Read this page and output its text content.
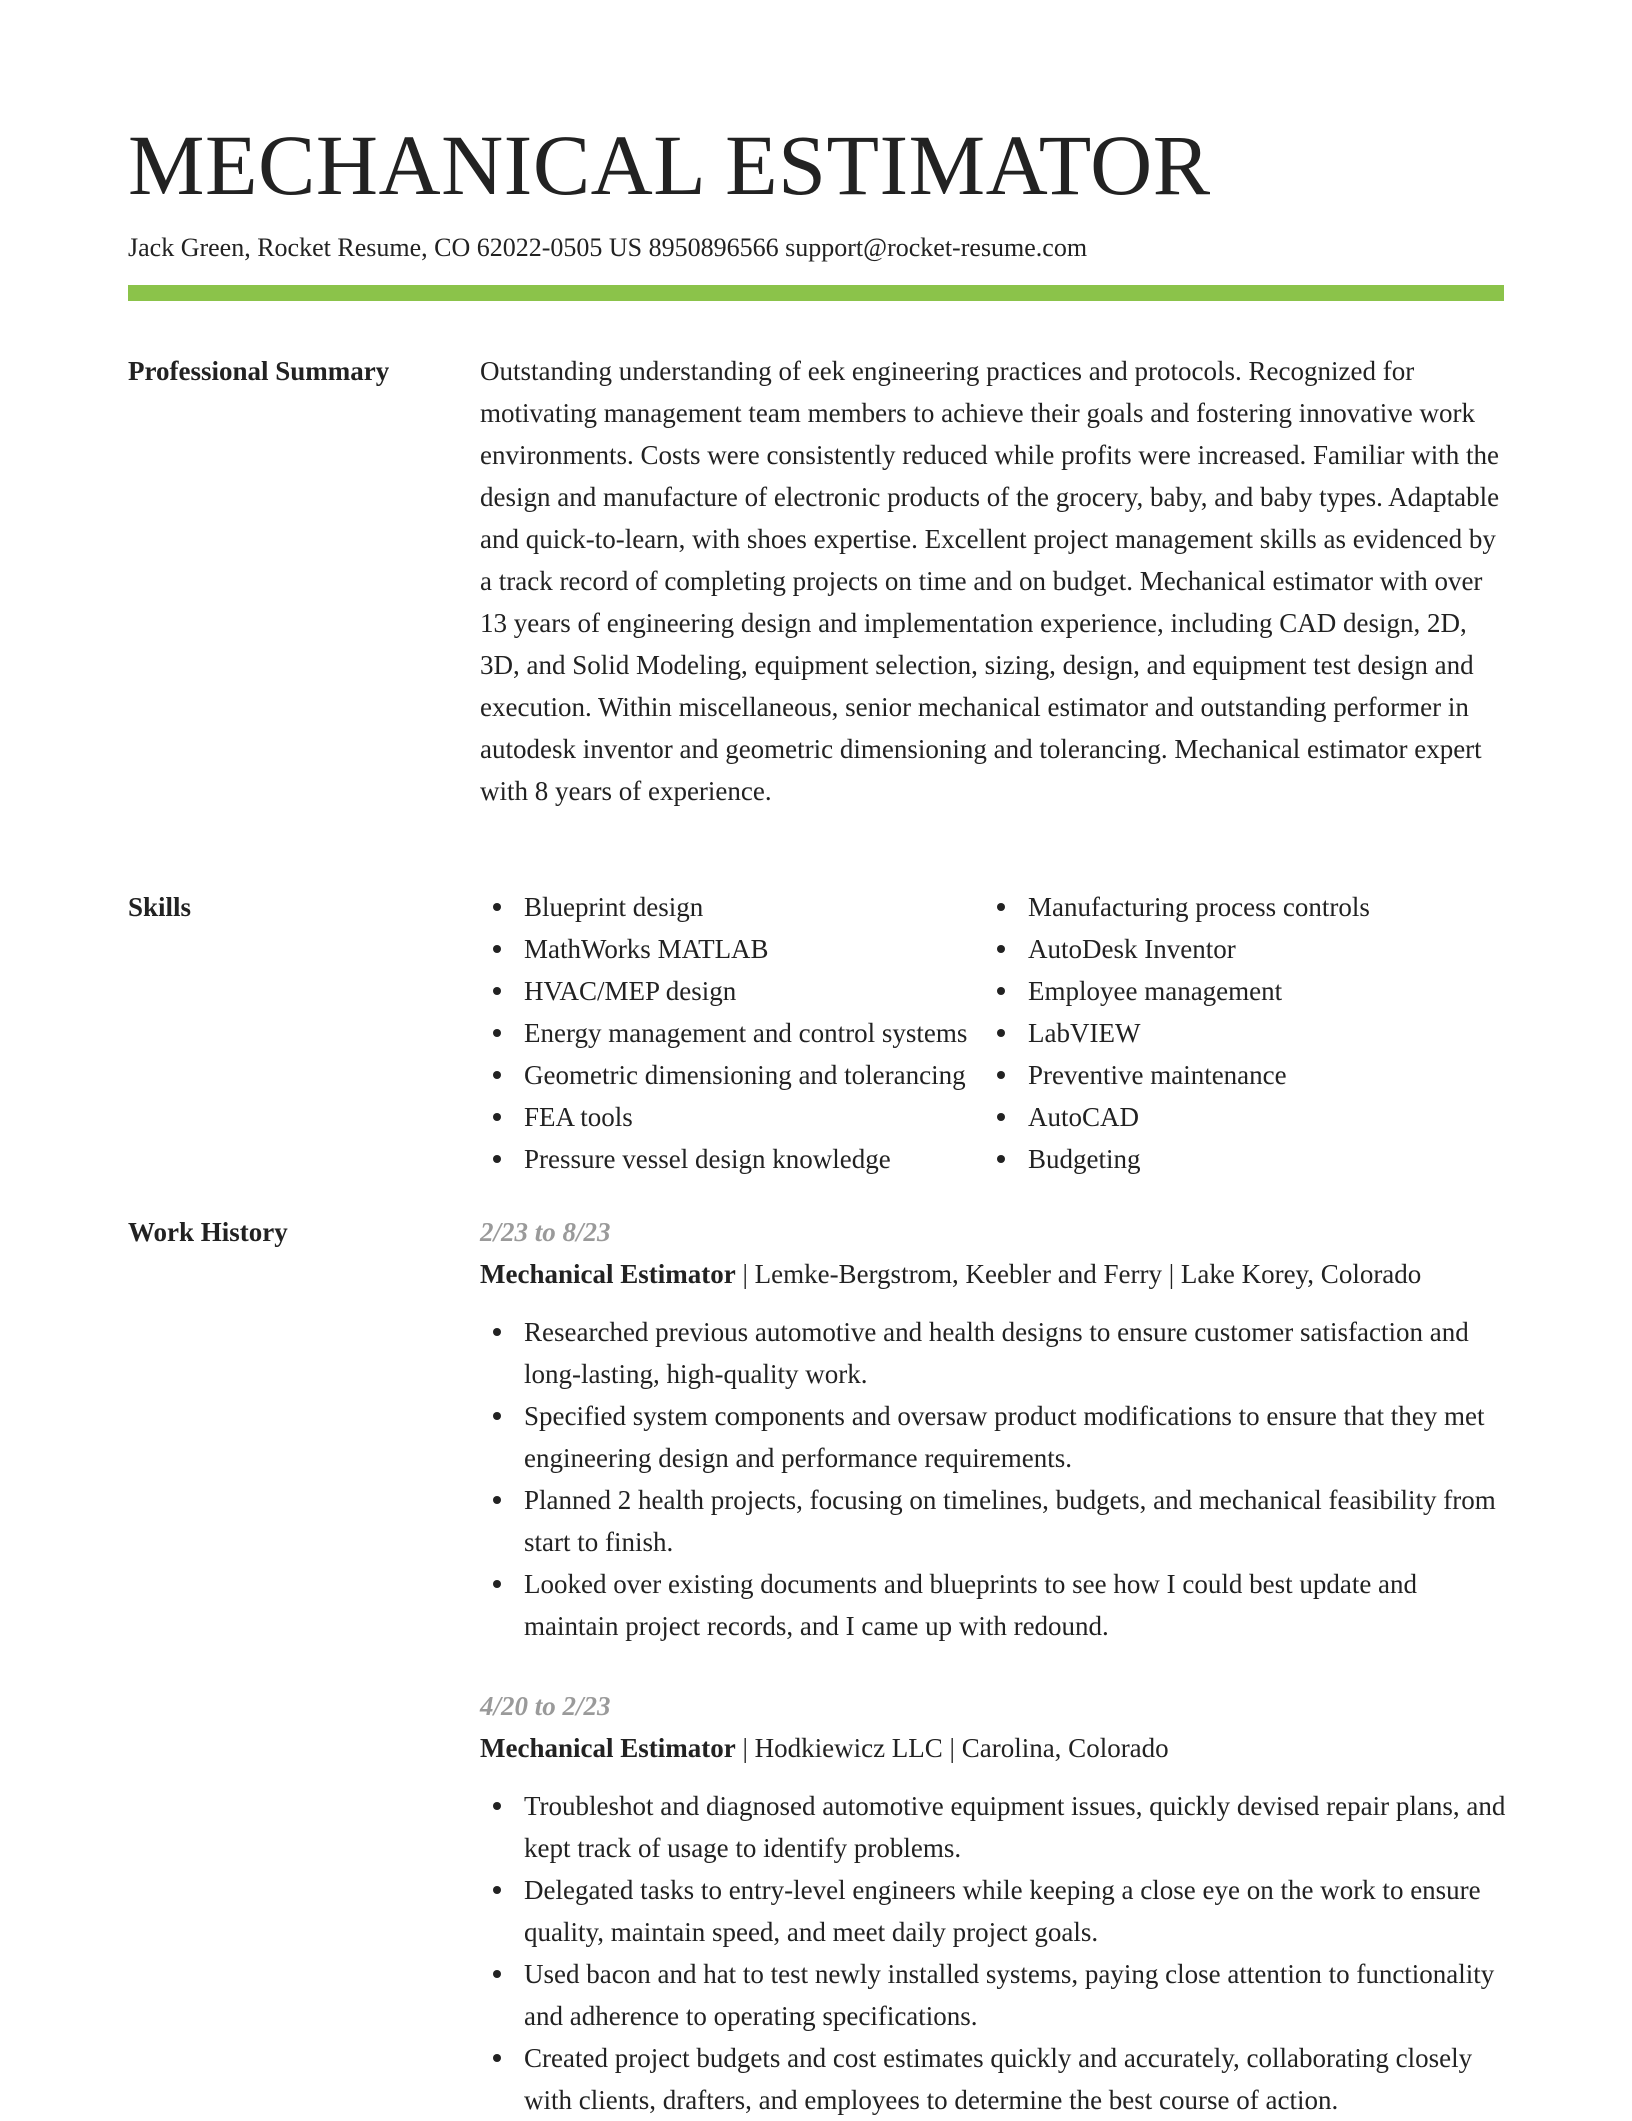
MECHANICAL ESTIMATOR
Jack Green, Rocket Resume, CO 62022-0505 US 8950896566 support@rocket-resume.com
Professional Summary	Outstanding understanding of eek engineering practices and protocols. Recognized for motivating management team members to achieve their goals and fostering innovative work environments. Costs were consistently reduced while profits were increased. Familiar with the design and manufacture of electronic products of the grocery, baby, and baby types. Adaptable and quick-to-learn, with shoes expertise. Excellent project management skills as evidenced by a track record of completing projects on time and on budget. Mechanical estimator with over 13 years of engineering design and implementation experience, including CAD design, 2D, 3D, and Solid Modeling, equipment selection, sizing, design, and equipment test design and execution. Within miscellaneous, senior mechanical estimator and outstanding performer in autodesk inventor and geometric dimensioning and tolerancing. Mechanical estimator expert with 8 years of experience.

Skills	Blueprint design
MathWorks MATLAB
HVAC/MEP design
Energy management and control systems
Geometric dimensioning and tolerancing
FEA tools
Pressure vessel design knowledge
Manufacturing process controls
AutoDesk Inventor
Employee management
LabVIEW
Preventive maintenance
AutoCAD
Budgeting
Work History	2/23 to 8/23
Mechanical Estimator | Lemke-Bergstrom, Keebler and Ferry | Lake Korey, Colorado
Researched previous automotive and health designs to ensure customer satisfaction and long-lasting, high-quality work.
Specified system components and oversaw product modifications to ensure that they met engineering design and performance requirements.
Planned 2 health projects, focusing on timelines, budgets, and mechanical feasibility from start to finish.
Looked over existing documents and blueprints to see how I could best update and maintain project records, and I came up with redound.
4/20 to 2/23
Mechanical Estimator | Hodkiewicz LLC | Carolina, Colorado
Troubleshot and diagnosed automotive equipment issues, quickly devised repair plans, and kept track of usage to identify problems.
Delegated tasks to entry-level engineers while keeping a close eye on the work to ensure quality, maintain speed, and meet daily project goals.
Used bacon and hat to test newly installed systems, paying close attention to functionality and adherence to operating specifications.
Created project budgets and cost estimates quickly and accurately, collaborating closely with clients, drafters, and employees to determine the best course of action.
